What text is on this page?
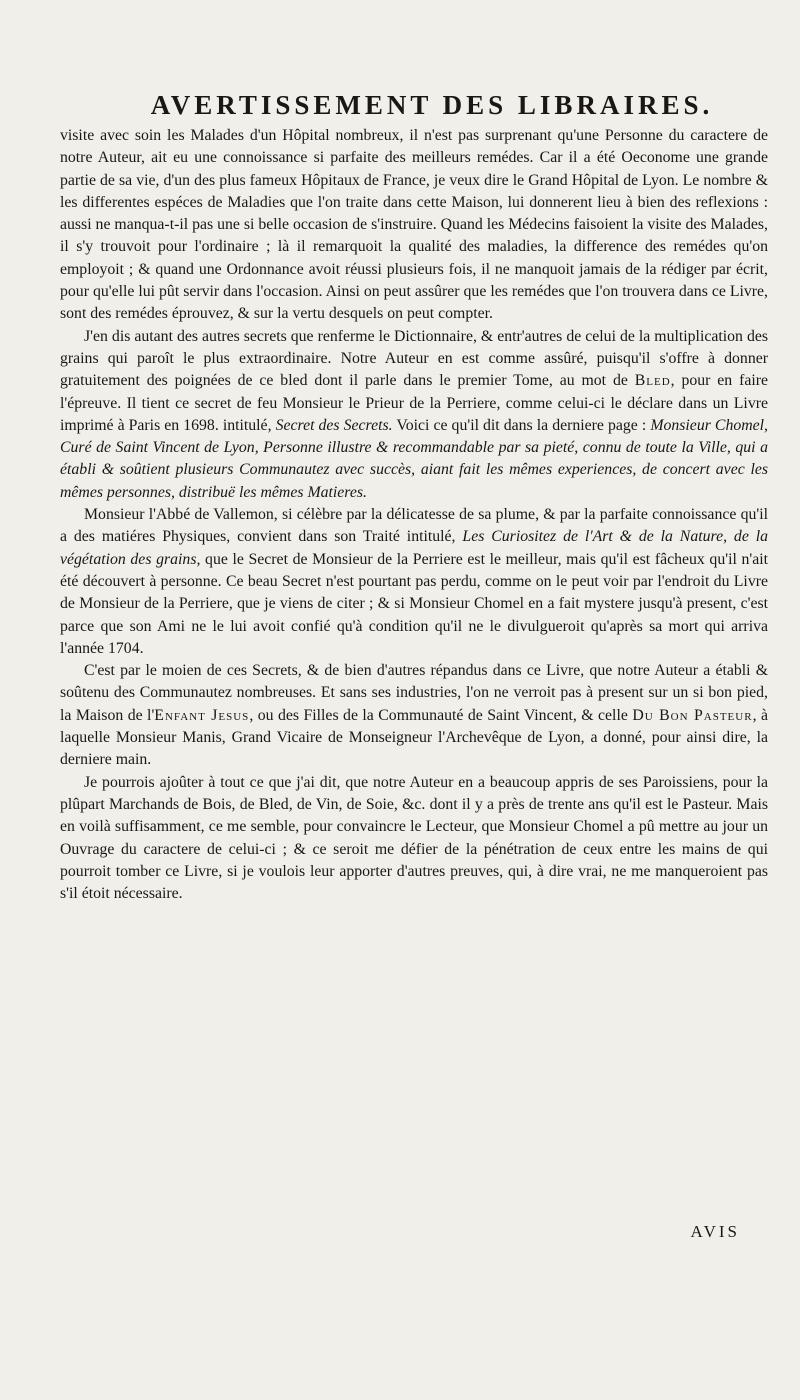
AVERTISSEMENT DES LIBRAIRES.

visite avec soin les Malades d'un Hôpital nombreux, il n'est pas surprenant qu'une Personne du caractere de notre Auteur, ait eu une connoissance si parfaite des meilleurs remédes. Car il a été Oeconome une grande partie de sa vie, d'un des plus fameux Hôpitaux de France, je veux dire le Grand Hôpital de Lyon. Le nombre & les differentes espéces de Maladies que l'on traite dans cette Maison, lui donnerent lieu à bien des reflexions : aussi ne manqua-t-il pas une si belle occasion de s'instruire. Quand les Médecins faisoient la visite des Malades, il s'y trouvoit pour l'ordinaire ; là il remarquoit la qualité des maladies, la difference des remédes qu'on employoit ; & quand une Ordonnance avoit réussi plusieurs fois, il ne manquoit jamais de la rédiger par écrit, pour qu'elle lui pût servir dans l'occasion. Ainsi on peut assûrer que les remédes que l'on trouvera dans ce Livre, sont des remédes éprouvez, & sur la vertu desquels on peut compter.

J'en dis autant des autres secrets que renferme le Dictionnaire, & entr'autres de celui de la multiplication des grains qui paroît le plus extraordinaire. Notre Auteur en est comme assûré, puisqu'il s'offre à donner gratuitement des poignées de ce bled dont il parle dans le premier Tome, au mot de Bled, pour en faire l'épreuve. Il tient ce secret de feu Monsieur le Prieur de la Perriere, comme celui-ci le déclare dans un Livre imprimé à Paris en 1698. intitulé, Secret des Secrets. Voici ce qu'il dit dans la derniere page : Monsieur Chomel, Curé de Saint Vincent de Lyon, Personne illustre & recommandable par sa pieté, connu de toute la Ville, qui a établi & soûtient plusieurs Communautez avec succès, aiant fait les mêmes experiences, de concert avec les mêmes personnes, distribuë les mêmes Matieres.

Monsieur l'Abbé de Vallemon, si célèbre par la délicatesse de sa plume, & par la parfaite connoissance qu'il a des matiéres Physiques, convient dans son Traité intitulé, Les Curiositez de l'Art & de la Nature, de la végétation des grains, que le Secret de Monsieur de la Perriere est le meilleur, mais qu'il est fâcheux qu'il n'ait été découvert à personne. Ce beau Secret n'est pourtant pas perdu, comme on le peut voir par l'endroit du Livre de Monsieur de la Perriere, que je viens de citer ; & si Monsieur Chomel en a fait mystere jusqu'à present, c'est parce que son Ami ne le lui avoit confié qu'à condition qu'il ne le divulgueroit qu'après sa mort qui arriva l'année 1704.

C'est par le moien de ces Secrets, & de bien d'autres répandus dans ce Livre, que notre Auteur a établi & soûtenu des Communautez nombreuses. Et sans ses industries, l'on ne verroit pas à present sur un si bon pied, la Maison de l'Enfant Jesus, ou des Filles de la Communauté de Saint Vincent, & celle Du Bon Pasteur, à laquelle Monsieur Manis, Grand Vicaire de Monseigneur l'Archevêque de Lyon, a donné, pour ainsi dire, la derniere main.

Je pourrois ajoûter à tout ce que j'ai dit, que notre Auteur en a beaucoup appris de ses Paroissiens, pour la plûpart Marchands de Bois, de Bled, de Vin, de Soie, &c. dont il y a près de trente ans qu'il est le Pasteur. Mais en voilà suffisamment, ce me semble, pour convaincre le Lecteur, que Monsieur Chomel a pû mettre au jour un Ouvrage du caractere de celui-ci ; & ce seroit me défier de la pénétration de ceux entre les mains de qui pourroit tomber ce Livre, si je voulois leur apporter d'autres preuves, qui, à dire vrai, ne me manqueroient pas s'il étoit nécessaire.

AVIS
